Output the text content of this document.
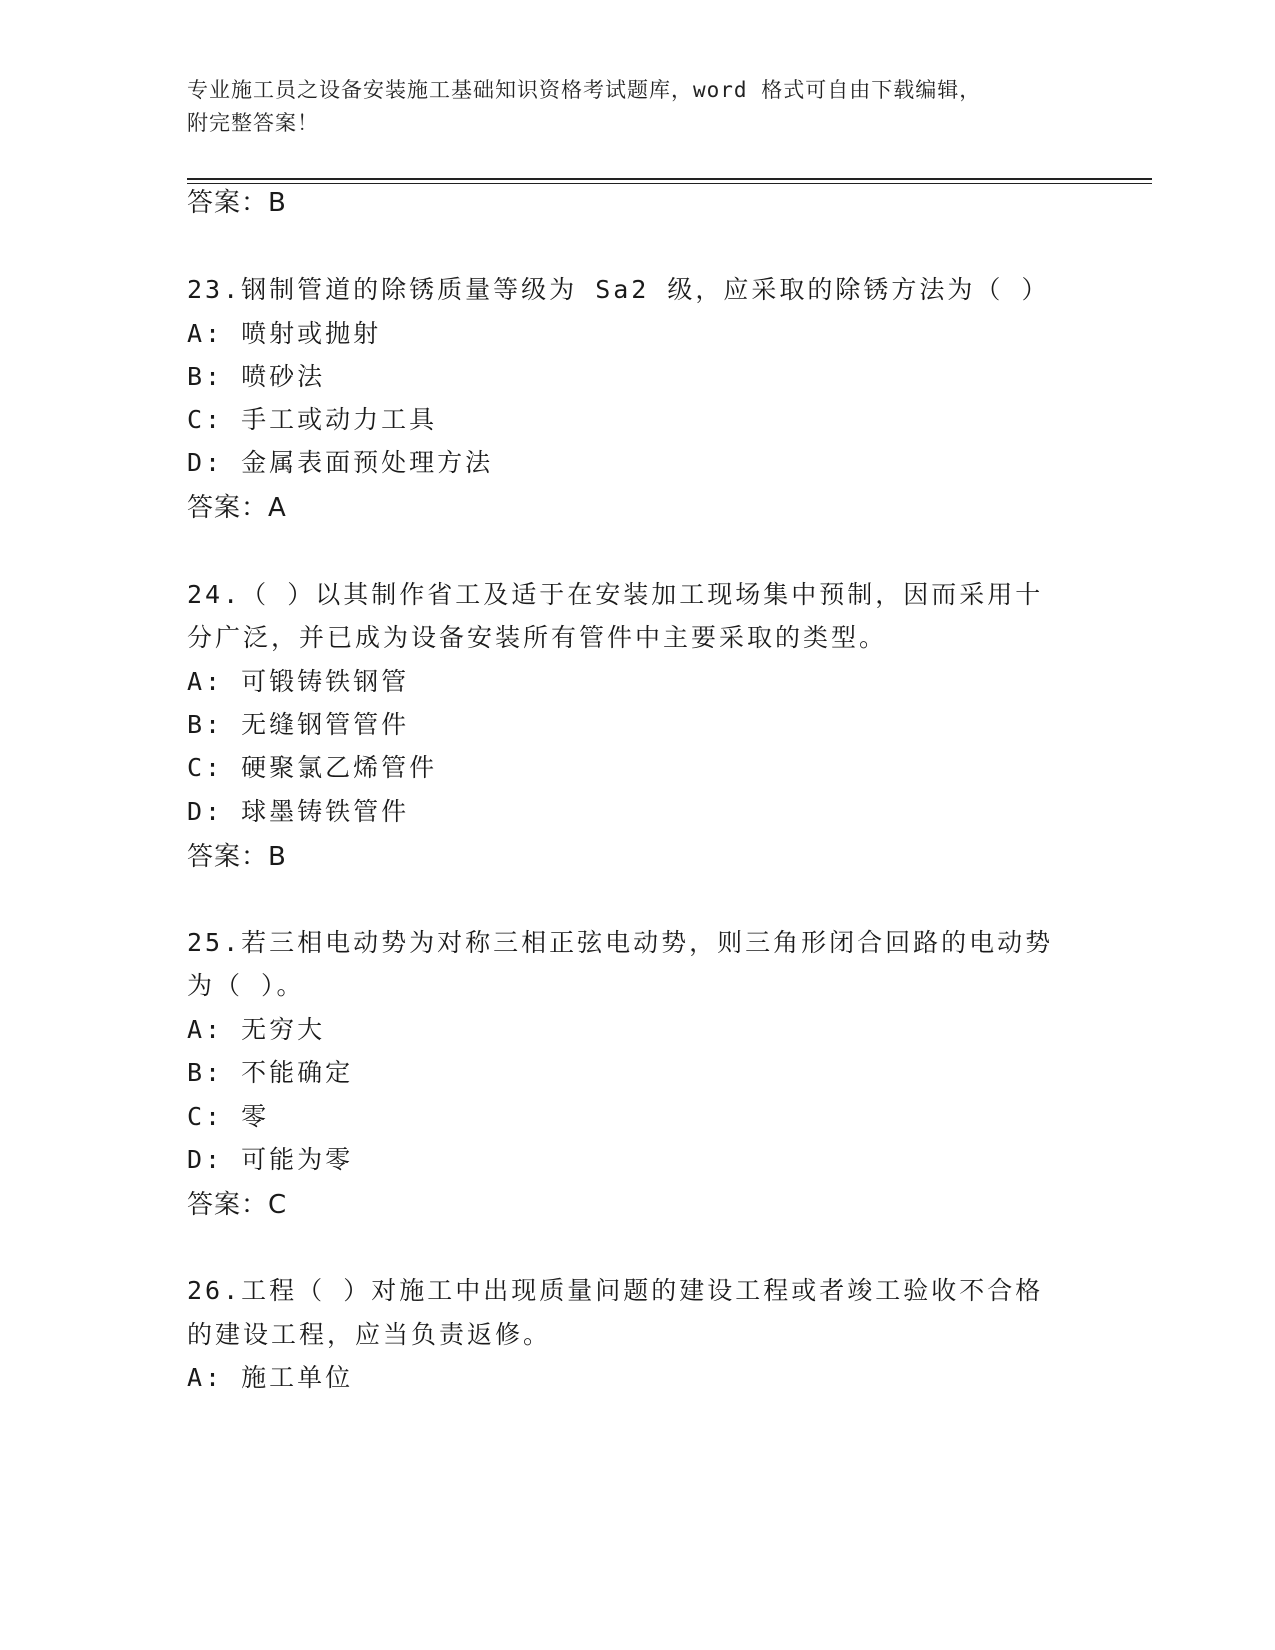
专业施工员之设备安装施工基础知识资格考试题库，word 格式可自由下载编辑，
附完整答案！
答案：B
23.钢制管道的除锈质量等级为 Sa2 级，应采取的除锈方法为（ ）
A: 喷射或抛射
B: 喷砂法
C: 手工或动力工具
D: 金属表面预处理方法
答案：A
24.（ ）以其制作省工及适于在安装加工现场集中预制，因而采用十
分广泛，并已成为设备安装所有管件中主要采取的类型。
A: 可锻铸铁钢管
B: 无缝钢管管件
C: 硬聚氯乙烯管件
D: 球墨铸铁管件
答案：B
25.若三相电动势为对称三相正弦电动势，则三角形闭合回路的电动势
为（ ）。
A: 无穷大
B: 不能确定
C: 零
D: 可能为零
答案：C
26.工程（ ）对施工中出现质量问题的建设工程或者竣工验收不合格
的建设工程，应当负责返修。
A: 施工单位
